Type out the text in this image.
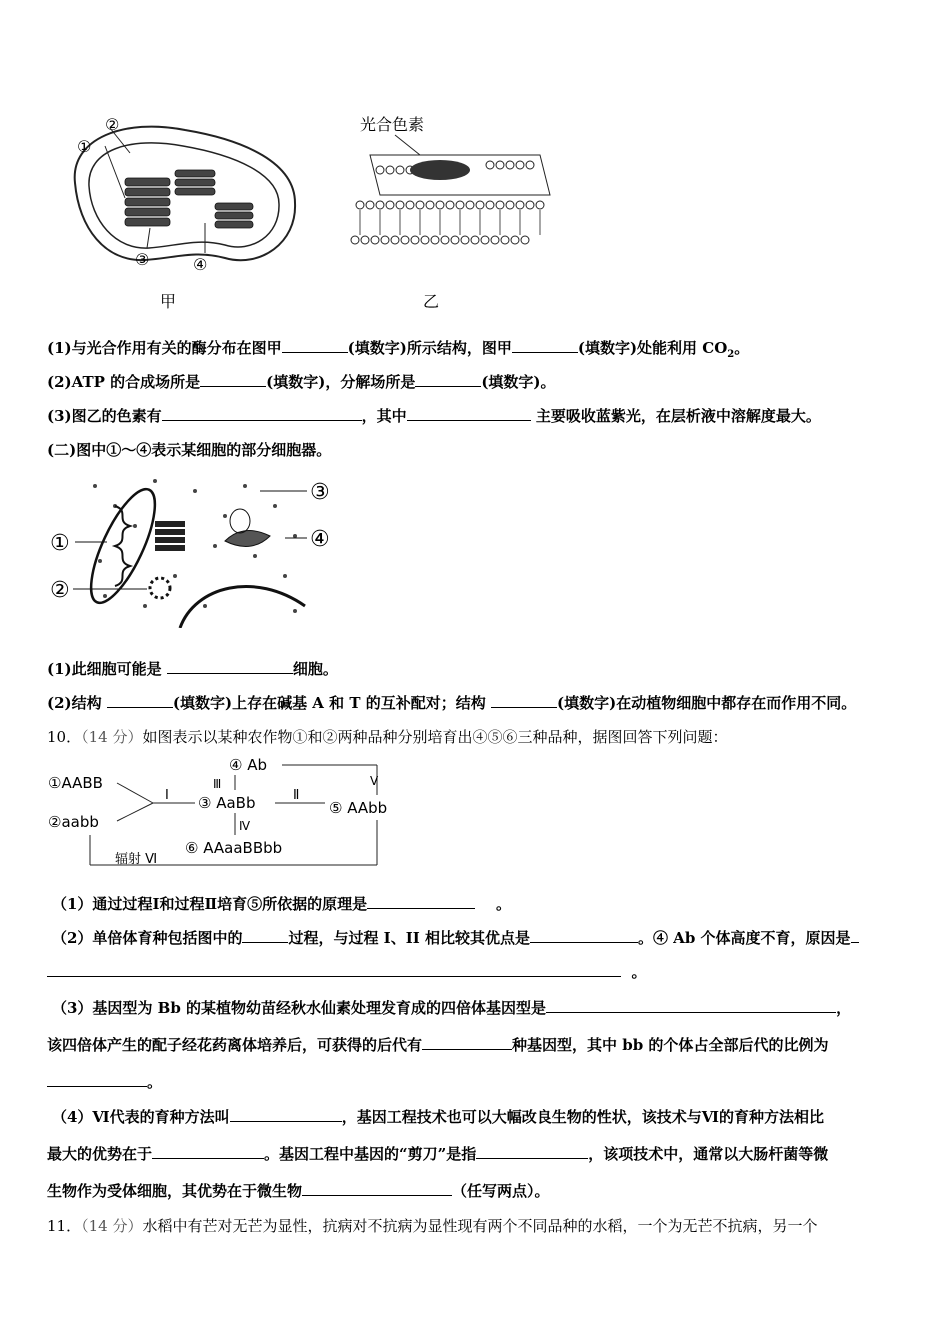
②
①
③	④
甲
光合色素
乙
(1)与光合作用有关的酶分布在图甲	(填数字)所示结构，图甲	(填数字)处能利用 $CO_2$。
(2)ATP 的合成场所是	(填数字)，分解场所是	(填数字)。
(3)图乙的色素有	，其中	主要吸收蓝紫光，在层析液中溶解度最大。
(二)图中①～④表示某细胞的部分细胞器。
①
②
③
④
(1)此细胞可能是	细胞。
(2)结构	(填数字)上存在碱基 A 和 T 的互补配对；结构	(填数字)在动植物细胞中都存在而作用不同。
10．（14 分）如图表示以某种农作物①和②两种品种分别培育出④⑤⑥三种品种，据图回答下列问题：
①AABB
②aabb
Ⅰ ③ AaBb
④ Ab
Ⅲ	Ⅴ
Ⅱ
⑤ AAbb
Ⅳ
⑥ AAaaBBbb
辐射 Ⅵ
（1）通过过程Ⅰ和过程Ⅱ培育⑤所依据的原理是	。
（2）单倍体育种包括图中的	过程，与过程 I、II 相比较其优点是	。④ Ab 个体高度不育，原因是
。
（3）基因型为 Bb 的某植物幼苗经秋水仙素处理发育成的四倍体基因型是	，
该四倍体产生的配子经花药离体培养后，可获得的后代有	种基因型，其中 bb 的个体占全部后代的比例为
。
（4）Ⅵ代表的育种方法叫	，基因工程技术也可以大幅改良生物的性状，该技术与Ⅵ的育种方法相比
最大的优势在于	。基因工程中基因的“剪刀”是指	，该项技术中，通常以大肠杆菌等微
生物作为受体细胞，其优势在于微生物	（任写两点）。
11．（14 分）水稻中有芒对无芒为显性，抗病对不抗病为显性现有两个不同品种的水稻，一个为无芒不抗病，另一个
